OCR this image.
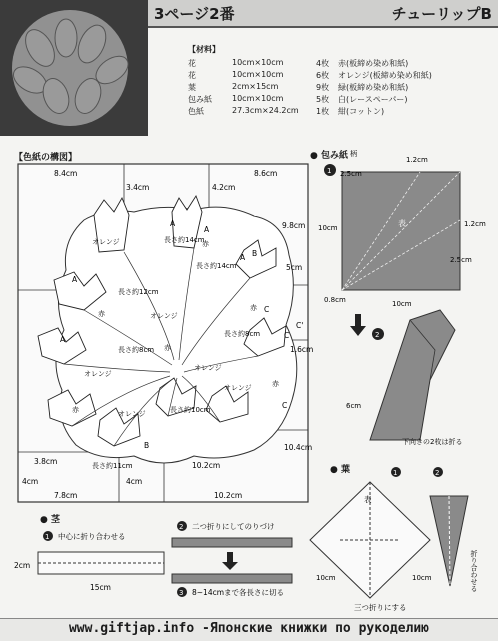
3ページ2番	チューリップB
【材料】
花	10cm×10cm	4枚 赤(板締め染め和紙)
花	10cm×10cm	6枚 オレンジ(板締め染め和紙)
葉	2cm×15cm	9枚 緑(板締め染め和紙)
包み紙	10cm×10cm	5枚 白(レースペーパー)
色紙	27.3cm×24.2cm 1枚 紺(コットン)
【色紙の構図】
8.4cm
3.4cm	4.2cm
8.6cm
9.8cm
5cm
1.6cm
10.4cm
10.2cm
10.2cm
7.8cm
3.8cm
4cm	4cm
オレンジ	長さ約14cm
赤
長さ約14cm
長さ約12cm
赤	オレンジ
長さ約8cm
長さ約8cm
オレンジ
オレンジ
長さ約10cm
赤
長さ約11cm
オレンジ
赤
オレンジ
赤
赤
A
A
A
A
A
B
B
C
C'
C
C
● 包み紙
1
表
柄
1.2cm
2.5cm
10cm	1.2cm
2.5cm
0.8cm	10cm
2
6cm
下向きの2枚は折る
● 茎
1 中心に折り合わせる
2cm
15cm
2 二つ折りにしてのりづけ
3 8~14cmまで各長さに切る
● 葉	1	2
表
10cm	10cm
三つ折りにする
折り合わせる
www.giftjap.info -Японские книжки по рукоделию
